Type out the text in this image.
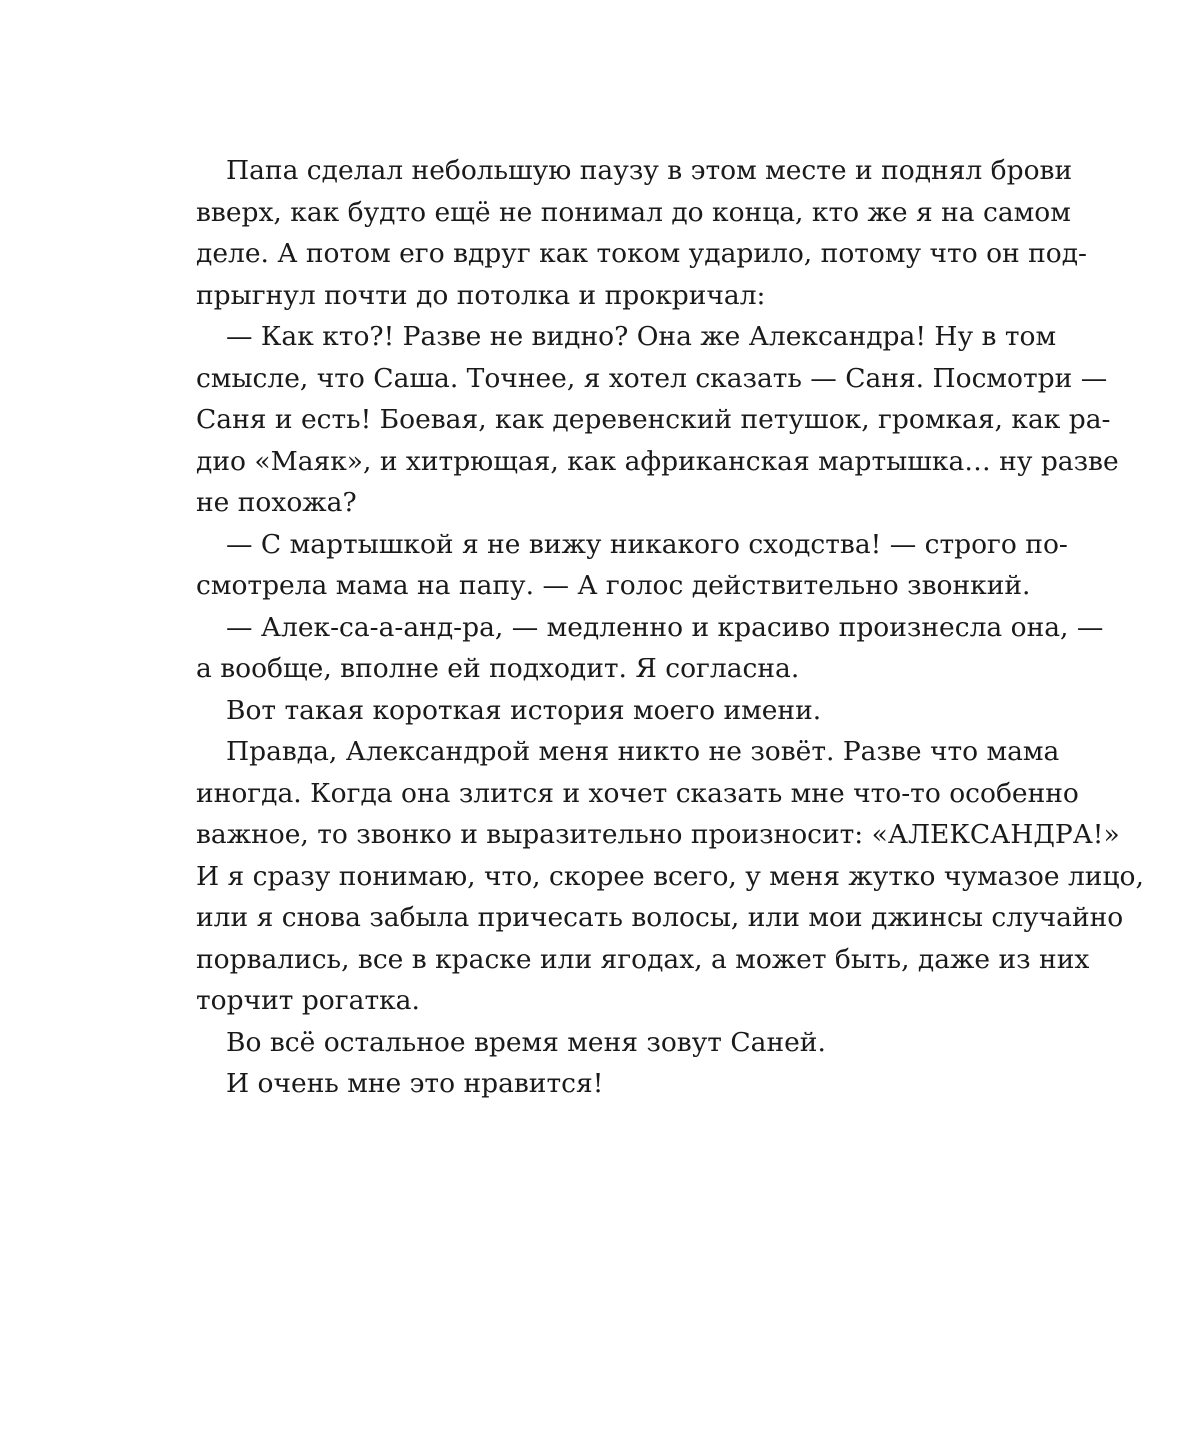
Папа сделал небольшую паузу в этом месте и поднял брови
вверх, как будто ещё не понимал до конца, кто же я на самом
деле. А потом его вдруг как током ударило, потому что он под-
прыгнул почти до потолка и прокричал:
— Как кто?! Разве не видно? Она же Александра! Ну в том
смысле, что Саша. Точнее, я хотел сказать — Саня. Посмотри —
Саня и есть! Боевая, как деревенский петушок, громкая, как ра-
дио «Маяк», и хитрющая, как африканская мартышка… ну разве
не похожа?
— С мартышкой я не вижу никакого сходства! — строго по-
смотрела мама на папу. — А голос действительно звонкий.
— Алек-са-а-анд-ра, — медленно и красиво произнесла она, —
а вообще, вполне ей подходит. Я согласна.
Вот такая короткая история моего имени.
Правда, Александрой меня никто не зовёт. Разве что мама
иногда. Когда она злится и хочет сказать мне что-то особенно
важное, то звонко и выразительно произносит: «АЛЕКСАНДРА!»
И я сразу понимаю, что, скорее всего, у меня жутко чумазое лицо,
или я снова забыла причесать волосы, или мои джинсы случайно
порвались, все в краске или ягодах, а может быть, даже из них
торчит рогатка.
Во всё остальное время меня зовут Саней.
И очень мне это нравится!
